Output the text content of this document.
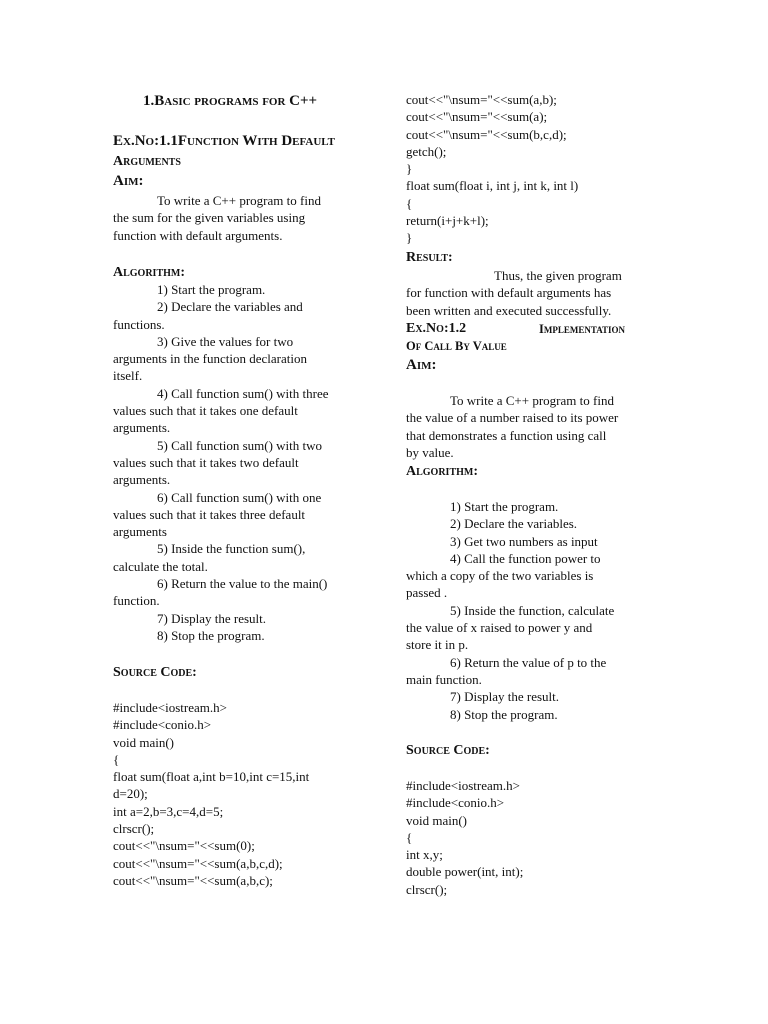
1.Basic programs for C++
Ex.No:1.1Function With Default
Arguments
Aim:
To write a C++ program to find
the sum for the given variables using
function with default arguments.
Algorithm:
1) Start the program.
2) Declare the variables and
functions.
3) Give the values for two
arguments in the function declaration
itself.
4) Call function sum() with three
values such that it takes one default
arguments.
5) Call function sum() with two
values such that it takes two default
arguments.
6) Call function sum() with one
values such that it takes three default
arguments
5) Inside the function sum(),
calculate the total.
6) Return the value to the main()
function.
7) Display the result.
8) Stop the program.
Source Code:
#include<iostream.h>
#include<conio.h>
void main()
{
float sum(float a,int b=10,int c=15,int
d=20);
int a=2,b=3,c=4,d=5;
clrscr();
cout<<"\nsum="<<sum(0);
cout<<"\nsum="<<sum(a,b,c,d);
cout<<"\nsum="<<sum(a,b,c);
cout<<"\nsum="<<sum(a,b);
cout<<"\nsum="<<sum(a);
cout<<"\nsum="<<sum(b,c,d);
getch();
}
float sum(float i, int j, int k, int l)
{
return(i+j+k+l);
}
Result:
Thus, the given program
for function with default arguments has
been written and executed successfully.
Ex.No:1.2	Implementation
Of Call By Value
Aim:
To write a C++ program to find
the value of a number raised to its power
that demonstrates a function using call
by value.
Algorithm:
1) Start the program.
2) Declare the variables.
3) Get two numbers as input
4) Call the function power to
which a copy of the two variables is
passed .
5) Inside the function, calculate
the value of x raised to power y and
store it in p.
6) Return the value of p to the
main function.
7) Display the result.
8) Stop the program.
Source Code:
#include<iostream.h>
#include<conio.h>
void main()
{
int x,y;
double power(int, int);
clrscr();
